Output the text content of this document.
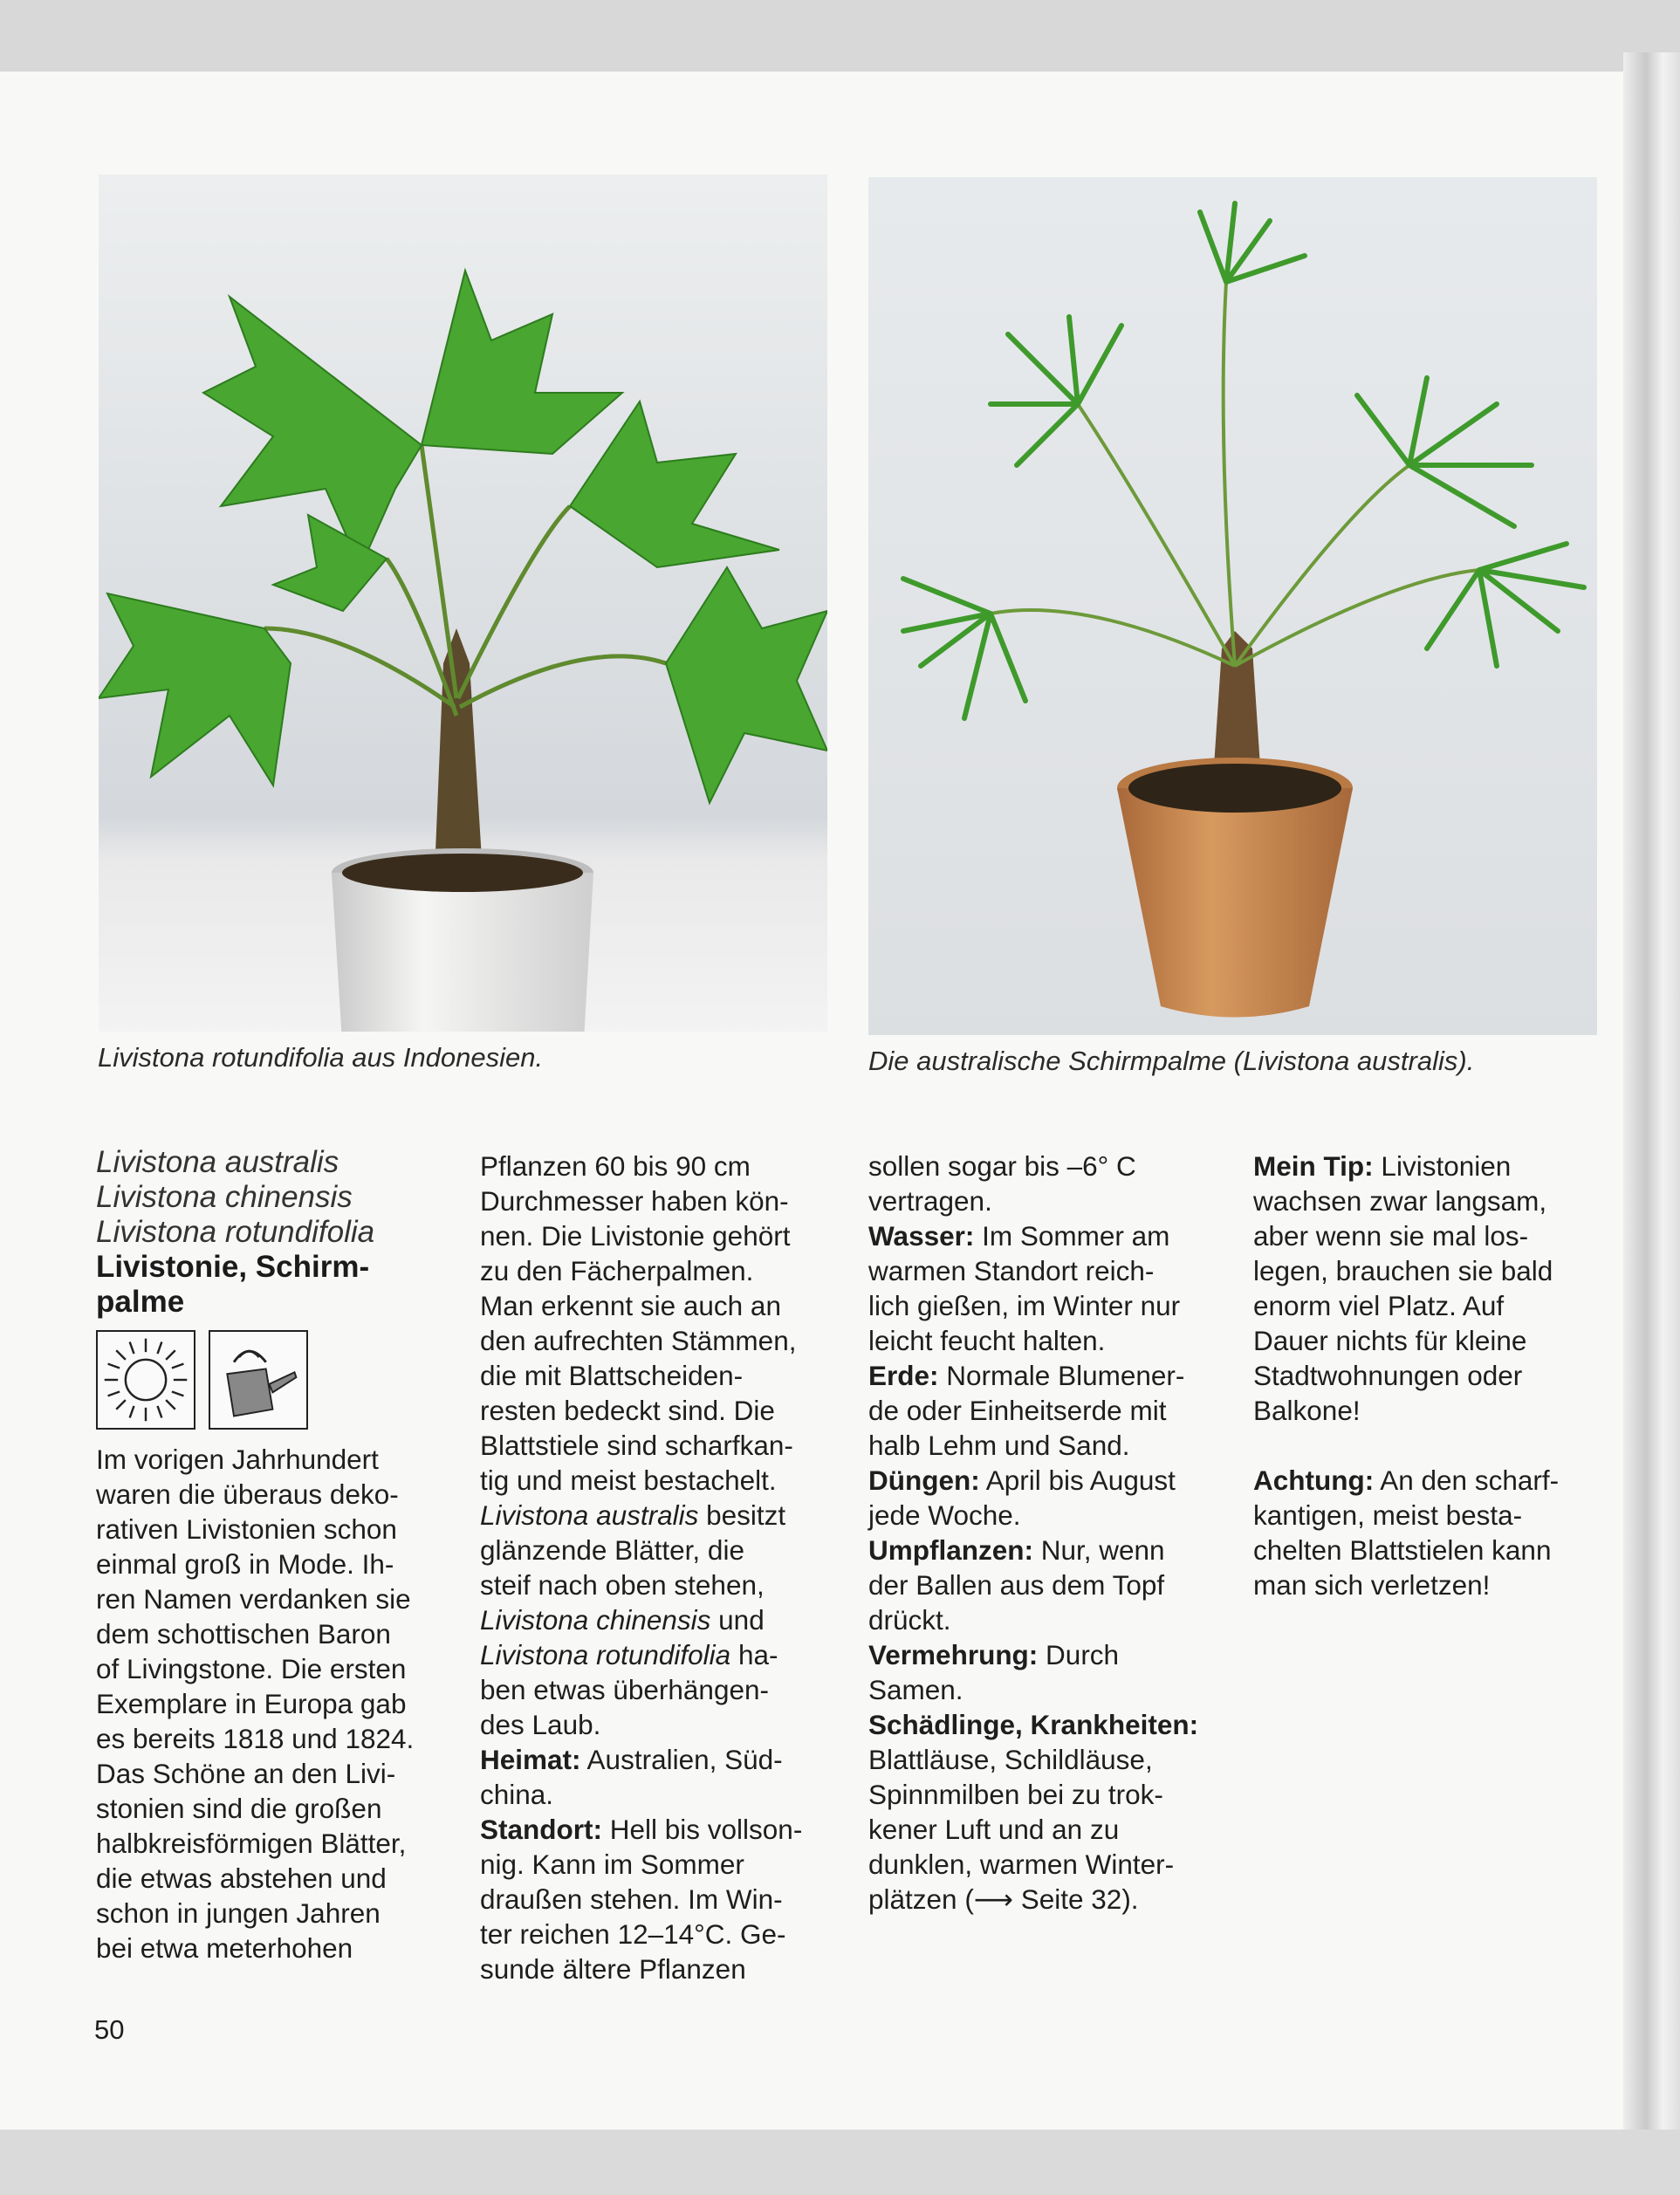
Livistona rotundifolia aus Indonesien.	Die australische Schirmpalme (Livistona australis).
Livistona australis
Livistona chinensis
Livistona rotundifolia
Livistonie, Schirm-
palme
Im vorigen Jahrhundert
waren die überaus deko-
rativen Livistonien schon
einmal groß in Mode. Ih-
ren Namen verdanken sie
dem schottischen Baron
of Livingstone. Die ersten
Exemplare in Europa gab
es bereits 1818 und 1824.
Das Schöne an den Livi-
stonien sind die großen
halbkreisförmigen Blätter,
die etwas abstehen und
schon in jungen Jahren
bei etwa meterhohen
Pflanzen 60 bis 90 cm
Durchmesser haben kön-
nen. Die Livistonie gehört
zu den Fächerpalmen.
Man erkennt sie auch an
den aufrechten Stämmen,
die mit Blattscheiden-
resten bedeckt sind. Die
Blattstiele sind scharfkan-
tig und meist bestachelt.
Livistona australis besitzt
glänzende Blätter, die
steif nach oben stehen,
Livistona chinensis und
Livistona rotundifolia ha-
ben etwas überhängen-
des Laub.
Heimat: Australien, Süd-
china.
Standort: Hell bis vollson-
nig. Kann im Sommer
draußen stehen. Im Win-
ter reichen 12–14°C. Ge-
sunde ältere Pflanzen
sollen sogar bis –6° C
vertragen.
Wasser: Im Sommer am
warmen Standort reich-
lich gießen, im Winter nur
leicht feucht halten.
Erde: Normale Blumener-
de oder Einheitserde mit
halb Lehm und Sand.
Düngen: April bis August
jede Woche.
Umpflanzen: Nur, wenn
der Ballen aus dem Topf
drückt.
Vermehrung: Durch
Samen.
Schädlinge, Krankheiten:
Blattläuse, Schildläuse,
Spinnmilben bei zu trok-
kener Luft und an zu
dunklen, warmen Winter-
plätzen (⟶ Seite 32).
Mein Tip: Livistonien
wachsen zwar langsam,
aber wenn sie mal los-
legen, brauchen sie bald
enorm viel Platz. Auf
Dauer nichts für kleine
Stadtwohnungen oder
Balkone!
Achtung: An den scharf-
kantigen, meist besta-
chelten Blattstielen kann
man sich verletzen!
50
